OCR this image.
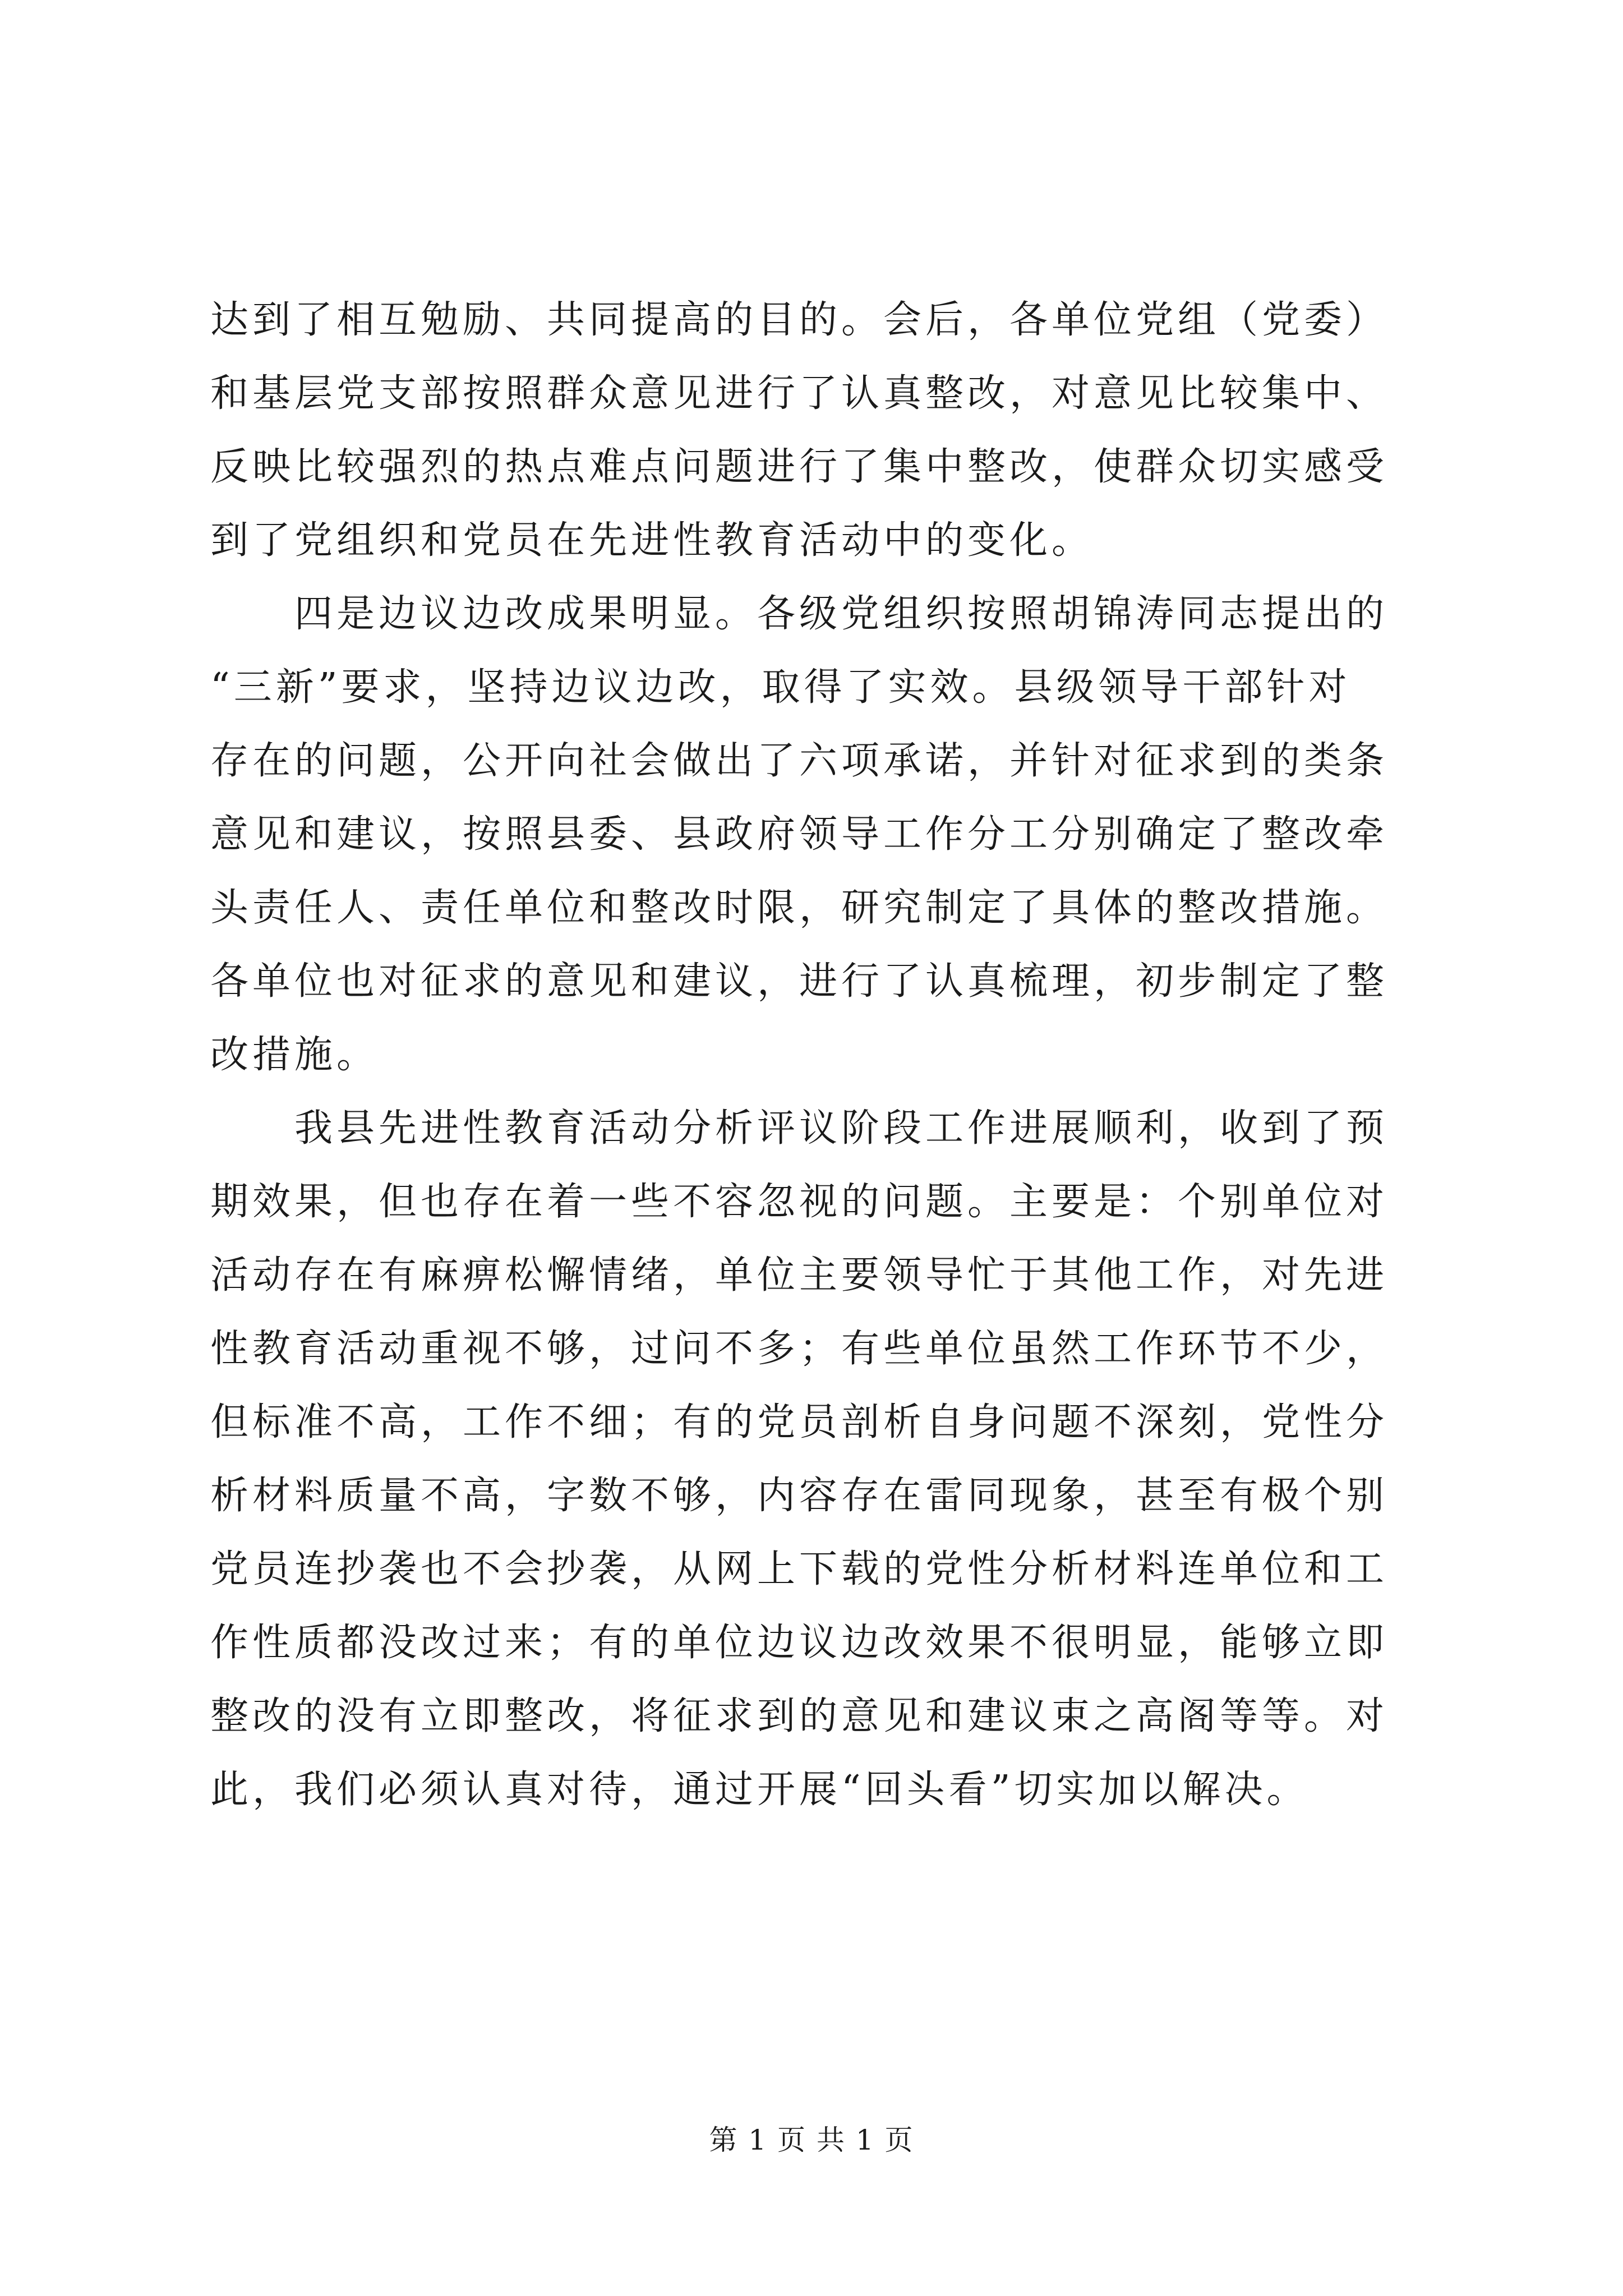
达到了相互勉励、共同提高的目的。会后，各单位党组（党委）
和基层党支部按照群众意见进行了认真整改，对意见比较集中、
反映比较强烈的热点难点问题进行了集中整改，使群众切实感受
到了党组织和党员在先进性教育活动中的变化。
四是边议边改成果明显。各级党组织按照胡锦涛同志提出的
“三新”要求，坚持边议边改，取得了实效。县级领导干部针对
存在的问题，公开向社会做出了六项承诺，并针对征求到的类条
意见和建议，按照县委、县政府领导工作分工分别确定了整改牵
头责任人、责任单位和整改时限，研究制定了具体的整改措施。
各单位也对征求的意见和建议，进行了认真梳理，初步制定了整
改措施。
我县先进性教育活动分析评议阶段工作进展顺利，收到了预
期效果，但也存在着一些不容忽视的问题。主要是：个别单位对
活动存在有麻痹松懈情绪，单位主要领导忙于其他工作，对先进
性教育活动重视不够，过问不多；有些单位虽然工作环节不少，
但标准不高，工作不细；有的党员剖析自身问题不深刻，党性分
析材料质量不高，字数不够，内容存在雷同现象，甚至有极个别
党员连抄袭也不会抄袭，从网上下载的党性分析材料连单位和工
作性质都没改过来；有的单位边议边改效果不很明显，能够立即
整改的没有立即整改，将征求到的意见和建议束之高阁等等。对
此，我们必须认真对待，通过开展“回头看”切实加以解决。
第 1 页 共 1 页
